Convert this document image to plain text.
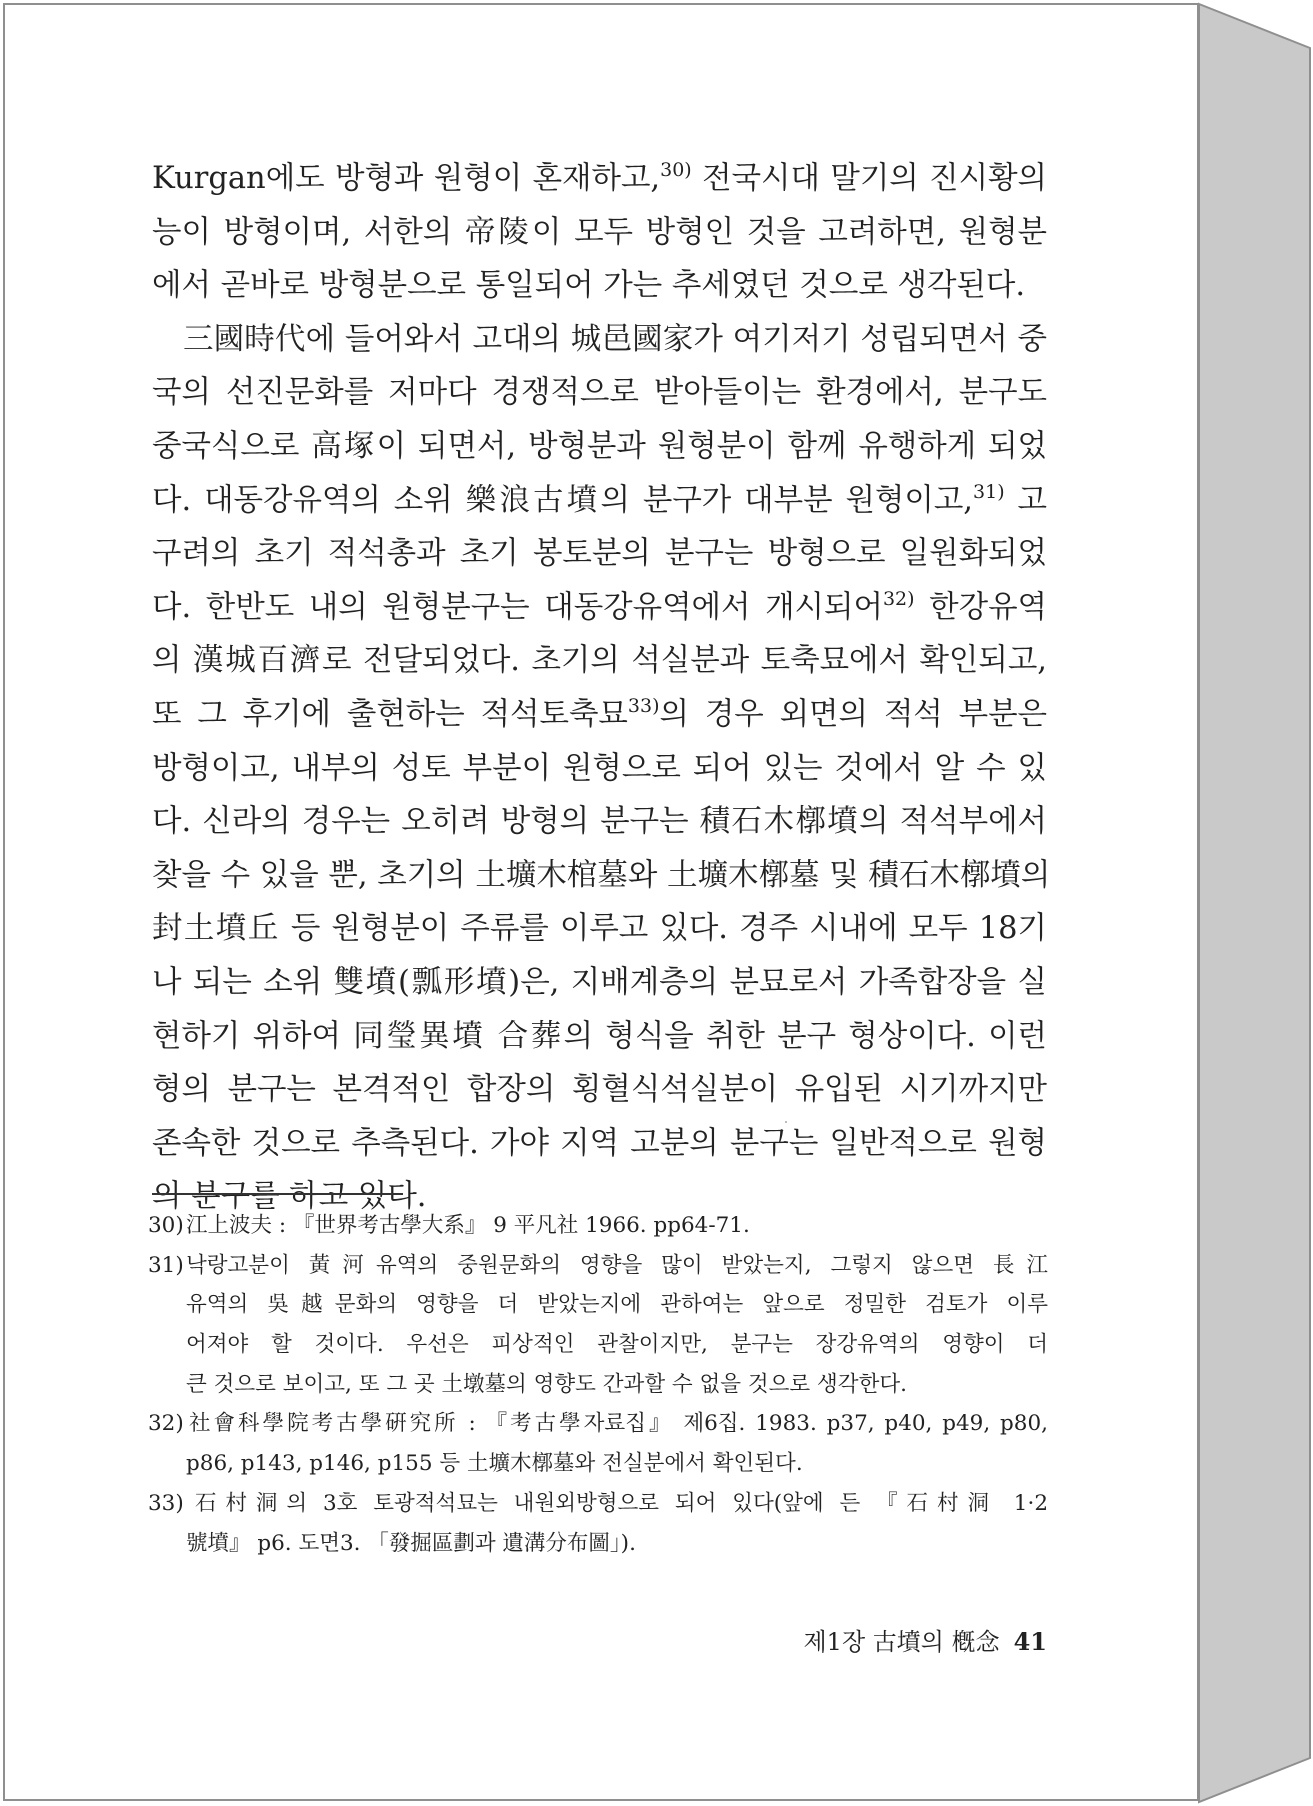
Kurgan에도 방형과 원형이 혼재하고,$^{30)}$ 전국시대 말기의 진시황의
능이 방형이며, 서한의 帝陵이 모두 방형인 것을 고려하면, 원형분
에서 곧바로 방형분으로 통일되어 가는 추세였던 것으로 생각된다.
三國時代에 들어와서 고대의 城邑國家가 여기저기 성립되면서 중
국의 선진문화를 저마다 경쟁적으로 받아들이는 환경에서, 분구도
중국식으로 高塚이 되면서, 방형분과 원형분이 함께 유행하게 되었
다. 대동강유역의 소위 樂浪古墳의 분구가 대부분 원형이고,$^{31)}$ 고
구려의 초기 적석총과 초기 봉토분의 분구는 방형으로 일원화되었
다. 한반도 내의 원형분구는 대동강유역에서 개시되어$^{32)}$ 한강유역
의 漢城百濟로 전달되었다. 초기의 석실분과 토축묘에서 확인되고,
또 그 후기에 출현하는 적석토축묘$^{33)}$의 경우 외면의 적석 부분은
방형이고, 내부의 성토 부분이 원형으로 되어 있는 것에서 알 수 있
다. 신라의 경우는 오히려 방형의 분구는 積石木槨墳의 적석부에서
찾을 수 있을 뿐, 초기의 土壙木棺墓와 土壙木槨墓 및 積石木槨墳의
封土墳丘 등 원형분이 주류를 이루고 있다. 경주 시내에 모두 18기
나 되는 소위 雙墳(瓢形墳)은, 지배계층의 분묘로서 가족합장을 실
현하기 위하여 同瑩異墳 合葬의 형식을 취한 분구 형상이다. 이런
형의 분구는 본격적인 합장의 횡혈식석실분이 유입된 시기까지만
존속한 것으로 추측된다. 가야 지역 고분의 분구는 일반적으로 원형
의 분구를 하고 있다.
30) 江上波夫 : 『世界考古學大系』 9 平凡社 1966. pp64-71.
31) 낙랑고분이 黃河유역의 중원문화의 영향을 많이 받았는지, 그렇지 않으면 長江
유역의 吳越문화의 영향을 더 받았는지에 관하여는 앞으로 정밀한 검토가 이루
어져야 할 것이다. 우선은 피상적인 관찰이지만, 분구는 장강유역의 영향이 더
큰 것으로 보이고, 또 그 곳 土墩墓의 영향도 간과할 수 없을 것으로 생각한다.
32) 社會科學院考古學硏究所 : 『考古學자료집』 제6집. 1983. p37, p40, p49, p80,
p86, p143, p146, p155 등 土壙木槨墓와 전실분에서 확인된다.
33) 石村洞의 3호 토광적석묘는 내원외방형으로 되어 있다(앞에 든 『石村洞 1·2
號墳』 p6. 도면3. 「發掘區劃과 遺溝分布圖」).
제1장 古墳의 槪念 41
